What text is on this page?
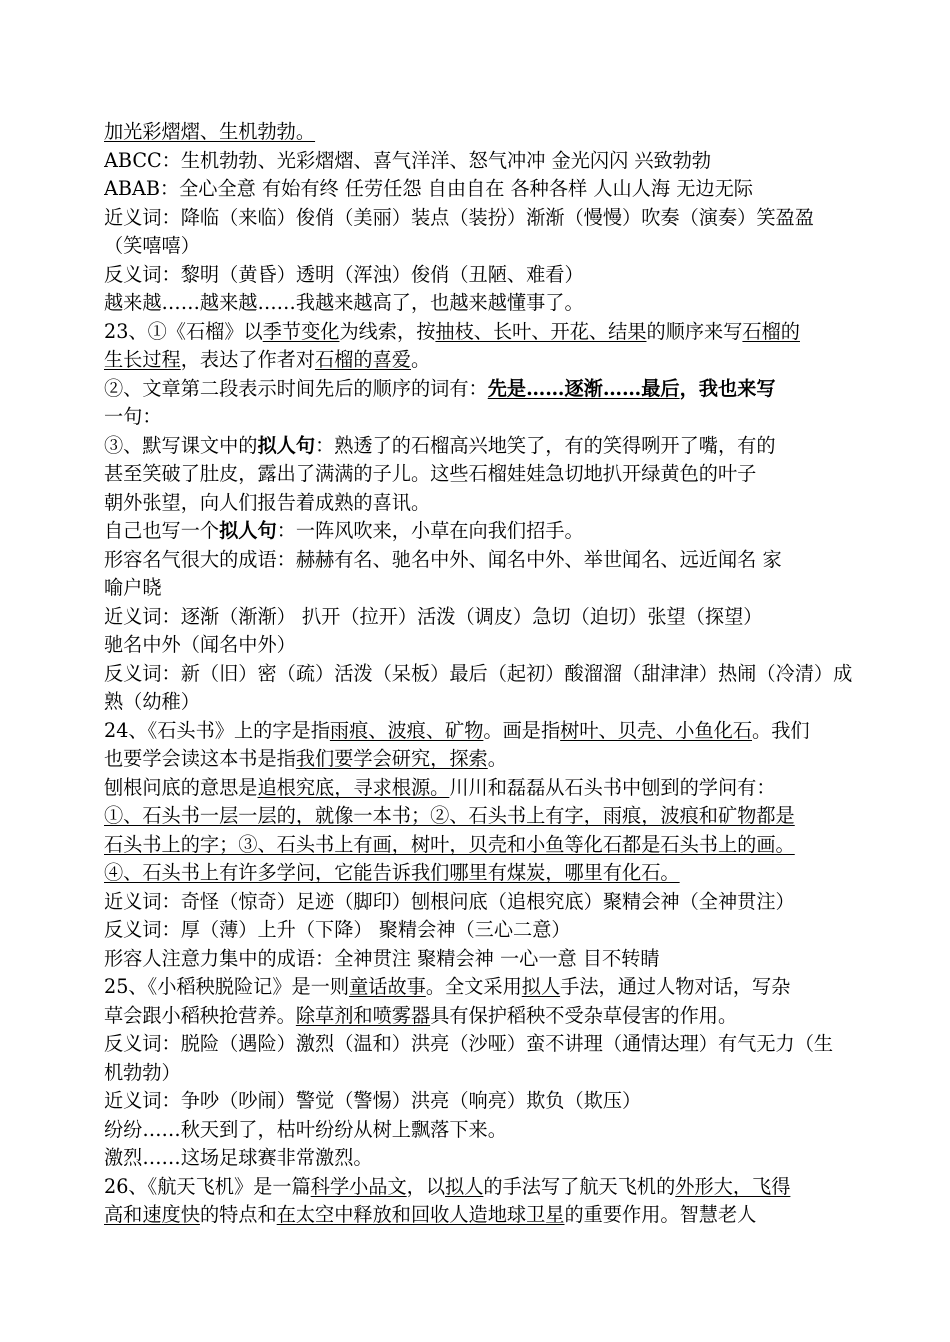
加光彩熠熠、生机勃勃。
ABCC：生机勃勃、光彩熠熠、喜气洋洋、怒气冲冲 金光闪闪 兴致勃勃
ABAB：全心全意 有始有终 任劳任怨 自由自在 各种各样 人山人海 无边无际
近义词：降临（来临）俊俏（美丽）装点（装扮）渐渐（慢慢）吹奏（演奏）笑盈盈
（笑嘻嘻）
反义词：黎明（黄昏）透明（浑浊）俊俏（丑陋、难看）
越来越……越来越……我越来越高了，也越来越懂事了。
23、①《石榴》以季节变化为线索，按抽枝、长叶、开花、结果的顺序来写石榴的
生长过程，表达了作者对石榴的喜爱。
②、文章第二段表示时间先后的顺序的词有：先是……逐渐……最后，我也来写
一句：
③、默写课文中的拟人句：熟透了的石榴高兴地笑了，有的笑得咧开了嘴，有的
甚至笑破了肚皮，露出了满满的子儿。这些石榴娃娃急切地扒开绿黄色的叶子
朝外张望，向人们报告着成熟的喜讯。
自己也写一个拟人句：一阵风吹来，小草在向我们招手。
形容名气很大的成语：赫赫有名、驰名中外、闻名中外、举世闻名、远近闻名 家
喻户晓
近义词：逐渐（渐渐） 扒开（拉开）活泼（调皮）急切（迫切）张望（探望）
驰名中外（闻名中外）
反义词：新（旧）密（疏）活泼（呆板）最后（起初）酸溜溜（甜津津）热闹（冷清）成
熟（幼稚）
24、《石头书》上的字是指雨痕、波痕、矿物。画是指树叶、贝壳、小鱼化石。我们
也要学会读这本书是指我们要学会研究，探索。
刨根问底的意思是追根究底，寻求根源。川川和磊磊从石头书中刨到的学问有：
①、石头书一层一层的，就像一本书；②、石头书上有字，雨痕，波痕和矿物都是
石头书上的字；③、石头书上有画，树叶，贝壳和小鱼等化石都是石头书上的画。
④、石头书上有许多学问，它能告诉我们哪里有煤炭，哪里有化石。
近义词：奇怪（惊奇）足迹（脚印）刨根问底（追根究底）聚精会神（全神贯注）
反义词：厚（薄）上升（下降） 聚精会神（三心二意）
形容人注意力集中的成语：全神贯注 聚精会神 一心一意 目不转睛
25、《小稻秧脱险记》是一则童话故事。全文采用拟人手法，通过人物对话，写杂
草会跟小稻秧抢营养。除草剂和喷雾器具有保护稻秧不受杂草侵害的作用。
反义词：脱险（遇险）激烈（温和）洪亮（沙哑）蛮不讲理（通情达理）有气无力（生
机勃勃）
近义词：争吵（吵闹）警觉（警惕）洪亮（响亮）欺负（欺压）
纷纷……秋天到了，枯叶纷纷从树上飘落下来。
激烈……这场足球赛非常激烈。
26、《航天飞机》是一篇科学小品文，以拟人的手法写了航天飞机的外形大，飞得
高和速度快的特点和在太空中释放和回收人造地球卫星的重要作用。智慧老人
